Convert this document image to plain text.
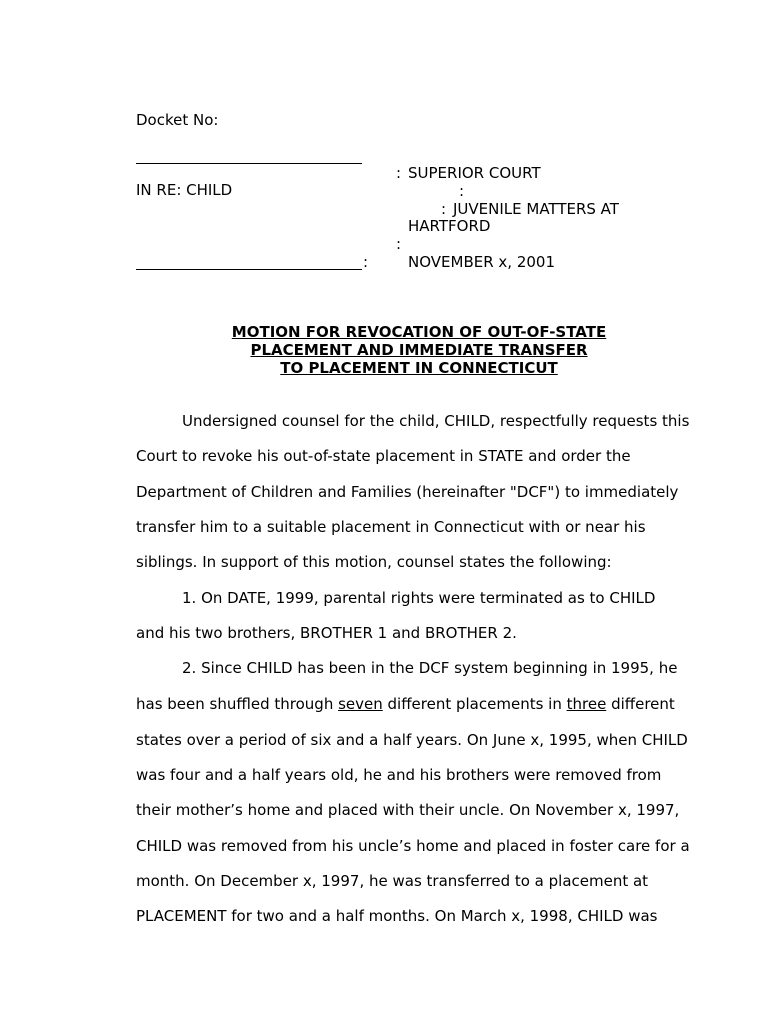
Docket No:
IN RE: CHILD
:
: SUPERIOR COURT
:
: JUVENILE MATTERS AT
HARTFORD
:
NOVEMBER x, 2001
MOTION FOR REVOCATION OF OUT-OF-STATE
PLACEMENT AND IMMEDIATE TRANSFER
TO PLACEMENT IN CONNECTICUT
Undersigned counsel for the child, CHILD, respectfully requests this
Court to revoke his out-of-state placement in STATE and order the
Department of Children and Families (hereinafter "DCF") to immediately
transfer him to a suitable placement in Connecticut with or near his
siblings. In support of this motion, counsel states the following:
1. On DATE, 1999, parental rights were terminated as to CHILD
and his two brothers, BROTHER 1 and BROTHER 2.
2. Since CHILD has been in the DCF system beginning in 1995, he
has been shuffled through seven different placements in three different
states over a period of six and a half years. On June x, 1995, when CHILD
was four and a half years old, he and his brothers were removed from
their mother’s home and placed with their uncle. On November x, 1997,
CHILD was removed from his uncle’s home and placed in foster care for a
month. On December x, 1997, he was transferred to a placement at
PLACEMENT for two and a half months. On March x, 1998, CHILD was
